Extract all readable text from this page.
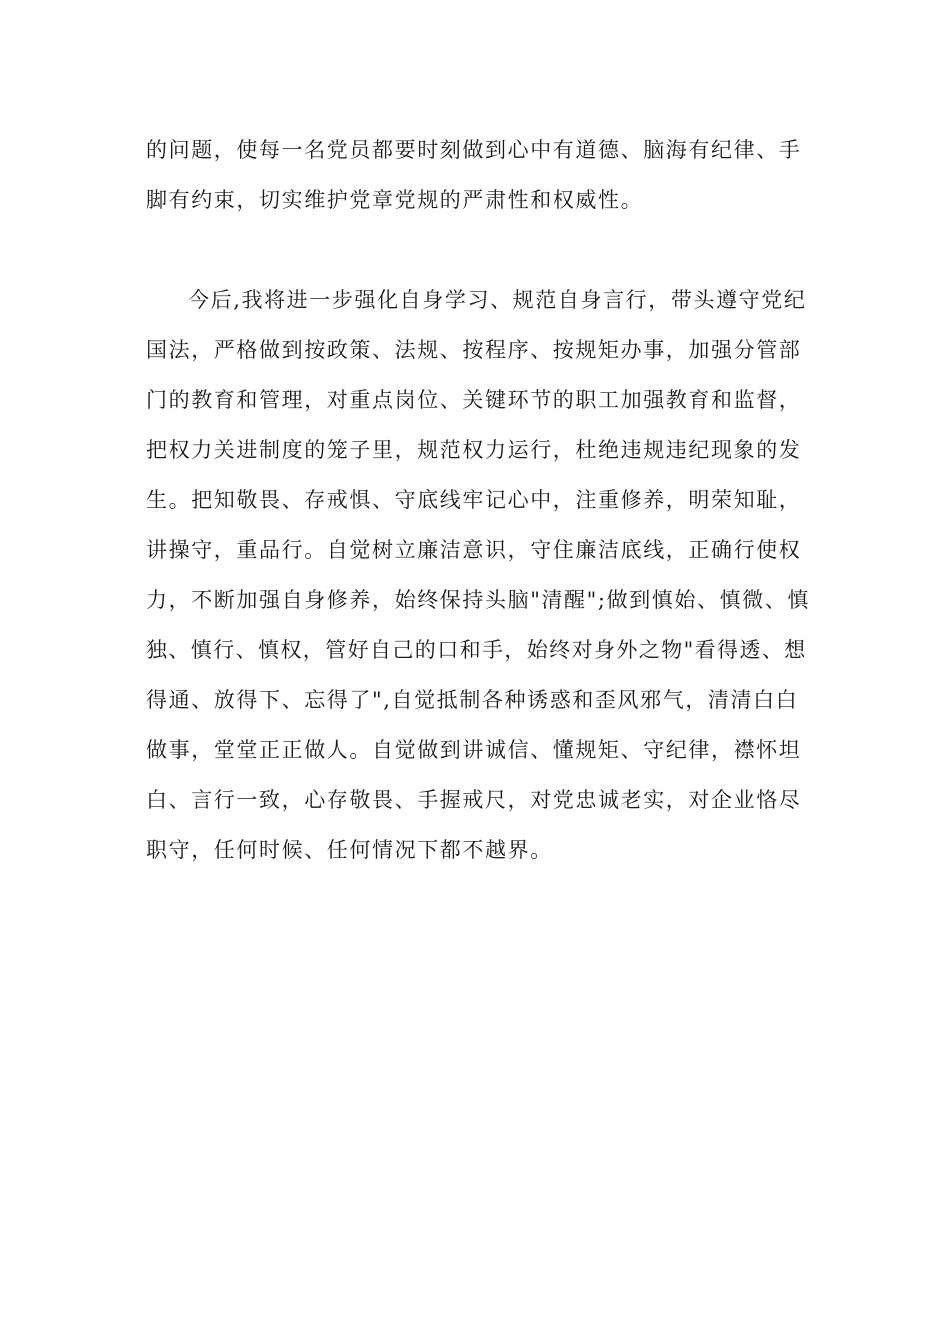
的问题，使每一名党员都要时刻做到心中有道德、脑海有纪律、手
脚有约束，切实维护党章党规的严肃性和权威性。
今后,我将进一步强化自身学习、规范自身言行，带头遵守党纪
国法，严格做到按政策、法规、按程序、按规矩办事，加强分管部
门的教育和管理，对重点岗位、关键环节的职工加强教育和监督，
把权力关进制度的笼子里，规范权力运行，杜绝违规违纪现象的发
生。把知敬畏、存戒惧、守底线牢记心中，注重修养，明荣知耻，
讲操守，重品行。自觉树立廉洁意识，守住廉洁底线，正确行使权
力，不断加强自身修养，始终保持头脑"清醒";做到慎始、慎微、慎
独、慎行、慎权，管好自己的口和手，始终对身外之物"看得透、想
得通、放得下、忘得了",自觉抵制各种诱惑和歪风邪气，清清白白
做事，堂堂正正做人。自觉做到讲诚信、懂规矩、守纪律，襟怀坦
白、言行一致，心存敬畏、手握戒尺，对党忠诚老实，对企业恪尽
职守，任何时候、任何情况下都不越界。
